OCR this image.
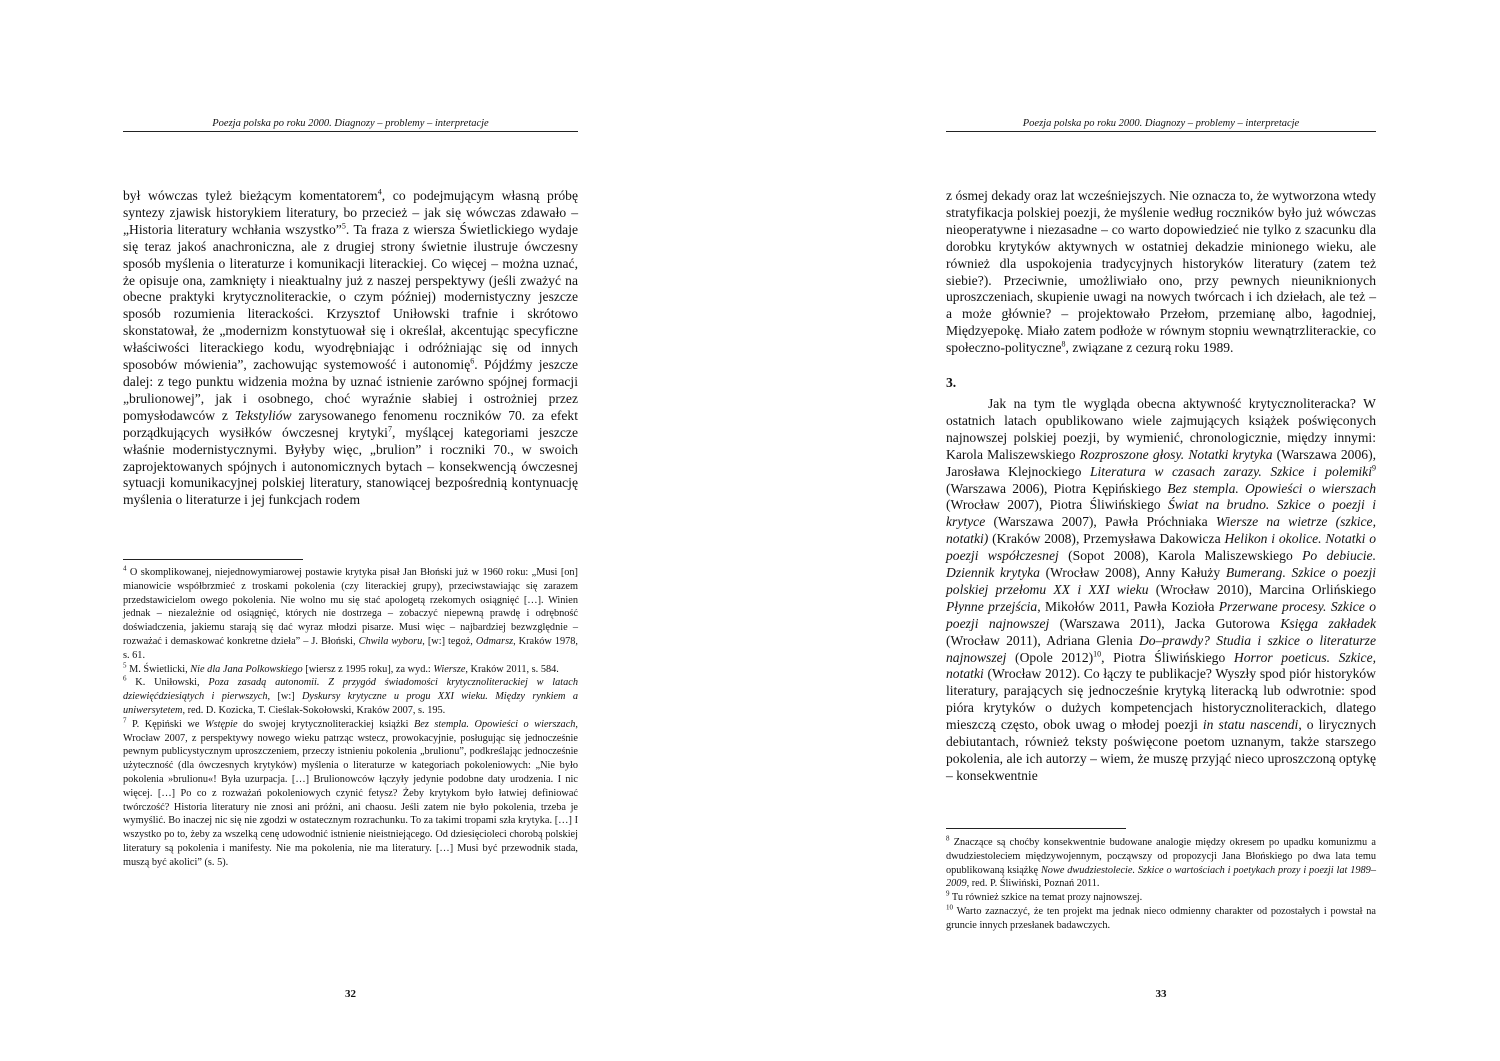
Poezja polska po roku 2000. Diagnozy – problemy – interpretacje

był wówczas tyleż bieżącym komentatorem$^4$, co podejmującym własną próbę syntezy zjawisk historykiem literatury, bo przecież – jak się wówczas zdawało – „Historia literatury wchłania wszystko”$^5$. Ta fraza z wiersza Świetlickiego wydaje się teraz jakoś anachroniczna, ale z drugiej strony świetnie ilustruje ówczesny sposób myślenia o literaturze i komunikacji literackiej. Co więcej – można uznać, że opisuje ona, zamknięty i nieaktualny już z naszej perspektywy (jeśli zważyć na obecne praktyki krytycznoliterackie, o czym później) modernistyczny jeszcze sposób rozumienia literackości. Krzysztof Uniłowski trafnie i skrótowo skonstatował, że „modernizm konstytuował się i określał, akcentując specyficzne właściwości literackiego kodu, wyodrębniając i odróżniając się od innych sposobów mówienia”, zachowując systemowość i autonomię$^6$. Pójdźmy jeszcze dalej: z tego punktu widzenia można by uznać istnienie zarówno spójnej formacji „brulionowej”, jak i osobnego, choć wyraźnie słabiej i ostrożniej przez pomysłodawców z Tekstyliów zarysowanego fenomenu roczników 70. za efekt porządkujących wysiłków ówczesnej krytyki$^7$, myślącej kategoriami jeszcze właśnie modernistycznymi. Byłyby więc, „brulion” i roczniki 70., w swoich zaprojektowanych spójnych i autonomicznych bytach – konsekwencją ówczesnej sytuacji komunikacyjnej polskiej literatury, stanowiącej bezpośrednią kontynuację myślenia o literaturze i jej funkcjach rodem

$^4$ O skomplikowanej, niejednowymiarowej postawie krytyka pisał Jan Błoński już w 1960 roku: „Musi [on] mianowicie współbrzmieć z troskami pokolenia (czy literackiej grupy), przeciwstawiając się zarazem przedstawicielom owego pokolenia. Nie wolno mu się stać apologetą rzekomych osiągnięć […]. Winien jednak – niezależnie od osiągnięć, których nie dostrzega – zobaczyć niepewną prawdę i odrębność doświadczenia, jakiemu starają się dać wyraz młodzi pisarze. Musi więc – najbardziej bezwzględnie – rozważać i demaskować konkretne dzieła” – J. Błoński, Chwila wyboru, [w:] tegoż, Odmarsz, Kraków 1978, s. 61.

$^5$ M. Świetlicki, Nie dla Jana Polkowskiego [wiersz z 1995 roku], za wyd.: Wiersze, Kraków 2011, s. 584.

$^6$ K. Uniłowski, Poza zasadą autonomii. Z przygód świadomości krytycznoliterackiej w latach dziewięćdziesiątych i pierwszych, [w:] Dyskursy krytyczne u progu XXI wieku. Między rynkiem a uniwersytetem, red. D. Kozicka, T. Cieślak-Sokołowski, Kraków 2007, s. 195.

$^7$ P. Kępiński we Wstępie do swojej krytycznoliterackiej książki Bez stempla. Opowieści o wierszach, Wrocław 2007, z perspektywy nowego wieku patrząc wstecz, prowokacyjnie, posługując się jednocześnie pewnym publicystycznym uproszczeniem, przeczy istnieniu pokolenia „brulionu”, podkreślając jednocześnie użyteczność (dla ówczesnych krytyków) myślenia o literaturze w kategoriach pokoleniowych: „Nie było pokolenia »brulionu«! Była uzurpacja. […] Brulionowców łączyły jedynie podobne daty urodzenia. I nic więcej. […] Po co z rozważań pokoleniowych czynić fetysz? Żeby krytykom było łatwiej definiować twórczość? Historia literatury nie znosi ani próżni, ani chaosu. Jeśli zatem nie było pokolenia, trzeba je wymyślić. Bo inaczej nic się nie zgodzi w ostatecznym rozrachunku. To za takimi tropami szła krytyka. […] I wszystko po to, żeby za wszelką cenę udowodnić istnienie nieistniejącego. Od dziesięcioleci chorobą polskiej literatury są pokolenia i manifesty. Nie ma pokolenia, nie ma literatury. […] Musi być przewodnik stada, muszą być akolici” (s. 5).

32
Poezja polska po roku 2000. Diagnozy – problemy – interpretacje

z ósmej dekady oraz lat wcześniejszych. Nie oznacza to, że wytworzona wtedy stratyfikacja polskiej poezji, że myślenie według roczników było już wówczas nieoperatywne i niezasadne – co warto dopowiedzieć nie tylko z szacunku dla dorobku krytyków aktywnych w ostatniej dekadzie minionego wieku, ale również dla uspokojenia tradycyjnych historyków literatury (zatem też siebie?). Przeciwnie, umożliwiało ono, przy pewnych nieuniknionych uproszczeniach, skupienie uwagi na nowych twórcach i ich dziełach, ale też – a może głównie? – projektowało Przełom, przemianę albo, łagodniej, Międzyepokę. Miało zatem podłoże w równym stopniu wewnątrzliterackie, co społeczno-polityczne$^8$, związane z cezurą roku 1989.

3.

Jak na tym tle wygląda obecna aktywność krytycznoliteracka? W ostatnich latach opublikowano wiele zajmujących książek poświęconych najnowszej polskiej poezji, by wymienić, chronologicznie, między innymi: Karola Maliszewskiego Rozproszone głosy. Notatki krytyka (Warszawa 2006), Jarosława Klejnockiego Literatura w czasach zarazy. Szkice i polemiki$^9$ (Warszawa 2006), Piotra Kępińskiego Bez stempla. Opowieści o wierszach (Wrocław 2007), Piotra Śliwińskiego Świat na brudno. Szkice o poezji i krytyce (Warszawa 2007), Pawła Próchniaka Wiersze na wietrze (szkice, notatki) (Kraków 2008), Przemysława Dakowicza Helikon i okolice. Notatki o poezji współczesnej (Sopot 2008), Karola Maliszewskiego Po debiucie. Dziennik krytyka (Wrocław 2008), Anny Kałuży Bumerang. Szkice o poezji polskiej przełomu XX i XXI wieku (Wrocław 2010), Marcina Orlińskiego Płynne przejścia, Mikołów 2011, Pawła Kozioła Przerwane procesy. Szkice o poezji najnowszej (Warszawa 2011), Jacka Gutorowa Księga zakładek (Wrocław 2011), Adriana Glenia Do–prawdy? Studia i szkice o literaturze najnowszej (Opole 2012)$^{10}$, Piotra Śliwińskiego Horror poeticus. Szkice, notatki (Wrocław 2012). Co łączy te publikacje? Wyszły spod piór historyków literatury, parających się jednocześnie krytyką literacką lub odwrotnie: spod pióra krytyków o dużych kompetencjach historycznoliterackich, dlatego mieszczą często, obok uwag o młodej poezji in statu nascendi, o lirycznych debiutantach, również teksty poświęcone poetom uznanym, także starszego pokolenia, ale ich autorzy – wiem, że muszę przyjąć nieco uproszczoną optykę – konsekwentnie

$^8$ Znaczące są choćby konsekwentnie budowane analogie między okresem po upadku komunizmu a dwudziestoleciem międzywojennym, począwszy od propozycji Jana Błońskiego po dwa lata temu opublikowaną książkę Nowe dwudziestolecie. Szkice o wartościach i poetykach prozy i poezji lat 1989–2009, red. P. Śliwiński, Poznań 2011.

$^9$ Tu również szkice na temat prozy najnowszej.

$^{10}$ Warto zaznaczyć, że ten projekt ma jednak nieco odmienny charakter od pozostałych i powstał na gruncie innych przesłanek badawczych.

33
